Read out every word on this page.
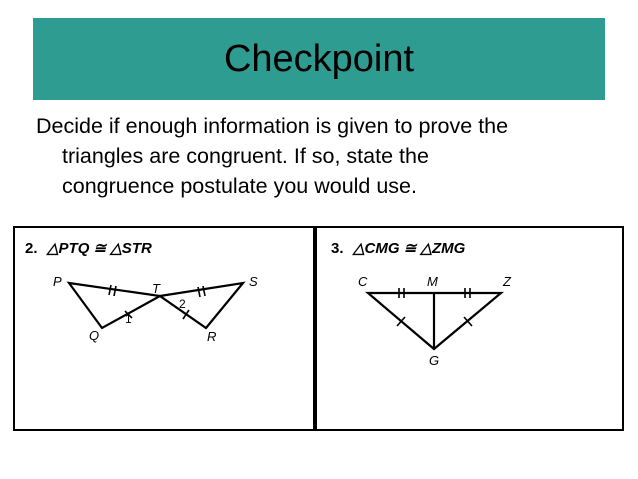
Checkpoint
Decide if enough information is given to prove the

triangles are congruent. If so, state the
congruence postulate you would use.
2. △PTQ ≅ △STR
P	T	S
Q	R
1
2
3. △CMG ≅ △ZMG
C	M	Z
G
